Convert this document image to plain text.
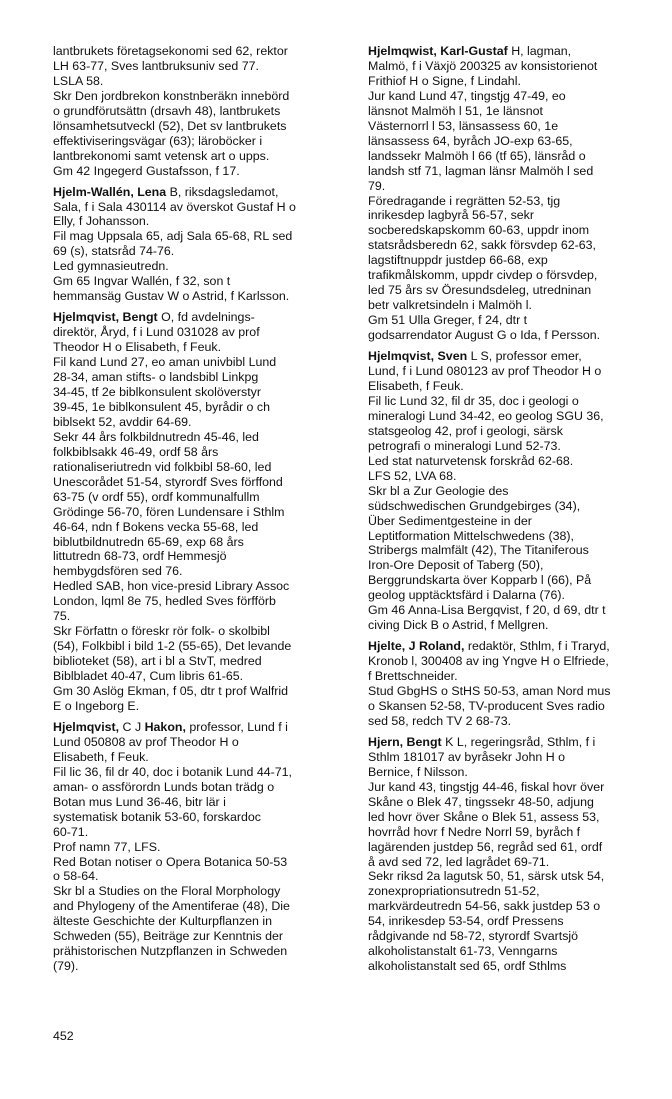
lantbrukets företagsekonomi sed 62, rektor
LH 63-77, Sves lantbruksuniv sed 77.
LSLA 58.
Skr Den jordbrekon konstnberäkn innebörd
o grundförutsättn (drsavh 48), lantbrukets
lönsamhetsutveckl (52), Det sv lantbrukets
effektiviseringsvägar (63); läroböcker i
lantbrekonomi samt vetensk art o upps.
Gm 42 Ingegerd Gustafsson, f 17.
Hjelm-Wallén, Lena B, riksdagsledamot,
Sala, f i Sala 430114 av överskot Gustaf H o
Elly, f Johansson.
Fil mag Uppsala 65, adj Sala 65-68, RL sed
69 (s), statsråd 74-76.
Led gymnasieutredn.
Gm 65 Ingvar Wallén, f 32, son t
hemmansäg Gustav W o Astrid, f Karlsson.
Hjelmqvist, Bengt O, fd avdelnings-
direktör, Åryd, f i Lund 031028 av prof
Theodor H o Elisabeth, f Feuk.
Fil kand Lund 27, eo aman univbibl Lund
28-34, aman stifts- o landsbibl Linkpg
34-45, tf 2e biblkonsulent skolöverstyr
39-45, 1e biblkonsulent 45, byrådir o ch
biblsekt 52, avddir 64-69.
Sekr 44 års folkbildnutredn 45-46, led
folkbiblsakk 46-49, ordf 58 års
rationaliseriutredn vid folkbibl 58-60, led
Unescorådet 51-54, styrordf Sves förffond
63-75 (v ordf 55), ordf kommunalfullm
Grödinge 56-70, fören Lundensare i Sthlm
46-64, ndn f Bokens vecka 55-68, led
biblutbildnutredn 65-69, exp 68 års
littutredn 68-73, ordf Hemmesjö
hembygdsfören sed 76.
Hedled SAB, hon vice-presid Library Assoc
London, lqml 8e 75, hedled Sves förfförb
75.
Skr Författn o föreskr rör folk- o skolbibl
(54), Folkbibl i bild 1-2 (55-65), Det levande
biblioteket (58), art i bl a StvT, medred
Biblbladet 40-47, Cum libris 61-65.
Gm 30 Aslög Ekman, f 05, dtr t prof Walfrid
E o Ingeborg E.
Hjelmqvist, C J Hakon, professor, Lund f i
Lund 050808 av prof Theodor H o
Elisabeth, f Feuk.
Fil lic 36, fil dr 40, doc i botanik Lund 44-71,
aman- o assförordn Lunds botan trädg o
Botan mus Lund 36-46, bitr lär i
systematisk botanik 53-60, forskardoc
60-71.
Prof namn 77, LFS.
Red Botan notiser o Opera Botanica 50-53
o 58-64.
Skr bl a Studies on the Floral Morphology
and Phylogeny of the Amentiferae (48), Die
älteste Geschichte der Kulturpflanzen in
Schweden (55), Beiträge zur Kenntnis der
prähistorischen Nutzpflanzen in Schweden
(79).
Hjelmqwist, Karl-Gustaf H, lagman,
Malmö, f i Växjö 200325 av konsistorienot
Frithiof H o Signe, f Lindahl.
Jur kand Lund 47, tingstjg 47-49, eo
länsnot Malmöh l 51, 1e länsnot
Västernorrl l 53, länsassess 60, 1e
länsassess 64, byråch JO-exp 63-65,
landssekr Malmöh l 66 (tf 65), länsråd o
landsh stf 71, lagman länsr Malmöh l sed
79.
Föredragande i regrätten 52-53, tjg
inrikesdep lagbyrå 56-57, sekr
socberedskapskomm 60-63, uppdr inom
statsrådsberedn 62, sakk försvdep 62-63,
lagstiftnuppdr justdep 66-68, exp
trafikmålskomm, uppdr civdep o försvdep,
led 75 års sv Öresundsdeleg, utredninan
betr valkretsindeln i Malmöh l.
Gm 51 Ulla Greger, f 24, dtr t
godsarrendator August G o Ida, f Persson.
Hjelmqvist, Sven L S, professor emer,
Lund, f i Lund 080123 av prof Theodor H o
Elisabeth, f Feuk.
Fil lic Lund 32, fil dr 35, doc i geologi o
mineralogi Lund 34-42, eo geolog SGU 36,
statsgeolog 42, prof i geologi, särsk
petrografi o mineralogi Lund 52-73.
Led stat naturvetensk forskråd 62-68.
LFS 52, LVA 68.
Skr bl a Zur Geologie des
südschwedischen Grundgebirges (34),
Über Sedimentgesteine in der
Leptitformation Mittelschwedens (38),
Stribergs malmfält (42), The Titaniferous
Iron-Ore Deposit of Taberg (50),
Berggrundskarta över Kopparb l (66), På
geolog upptäcktsfärd i Dalarna (76).
Gm 46 Anna-Lisa Bergqvist, f 20, d 69, dtr t
civing Dick B o Astrid, f Mellgren.
Hjelte, J Roland, redaktör, Sthlm, f i Traryd,
Kronob l, 300408 av ing Yngve H o Elfriede,
f Brettschneider.
Stud GbgHS o StHS 50-53, aman Nord mus
o Skansen 52-58, TV-producent Sves radio
sed 58, redch TV 2 68-73.
Hjern, Bengt K L, regeringsråd, Sthlm, f i
Sthlm 181017 av byråsekr John H o
Bernice, f Nilsson.
Jur kand 43, tingstjg 44-46, fiskal hovr över
Skåne o Blek 47, tingssekr 48-50, adjung
led hovr över Skåne o Blek 51, assess 53,
hovrråd hovr f Nedre Norrl 59, byråch f
lagärenden justdep 56, regråd sed 61, ordf
å avd sed 72, led lagrådet 69-71.
Sekr riksd 2a lagutsk 50, 51, särsk utsk 54,
zonexpropriationsutredn 51-52,
markvärdeutredn 54-56, sakk justdep 53 o
54, inrikesdep 53-54, ordf Pressens
rådgivande nd 58-72, styrordf Svartsjö
alkoholistanstalt 61-73, Venngarns
alkoholistanstalt sed 65, ordf Sthlms
452
